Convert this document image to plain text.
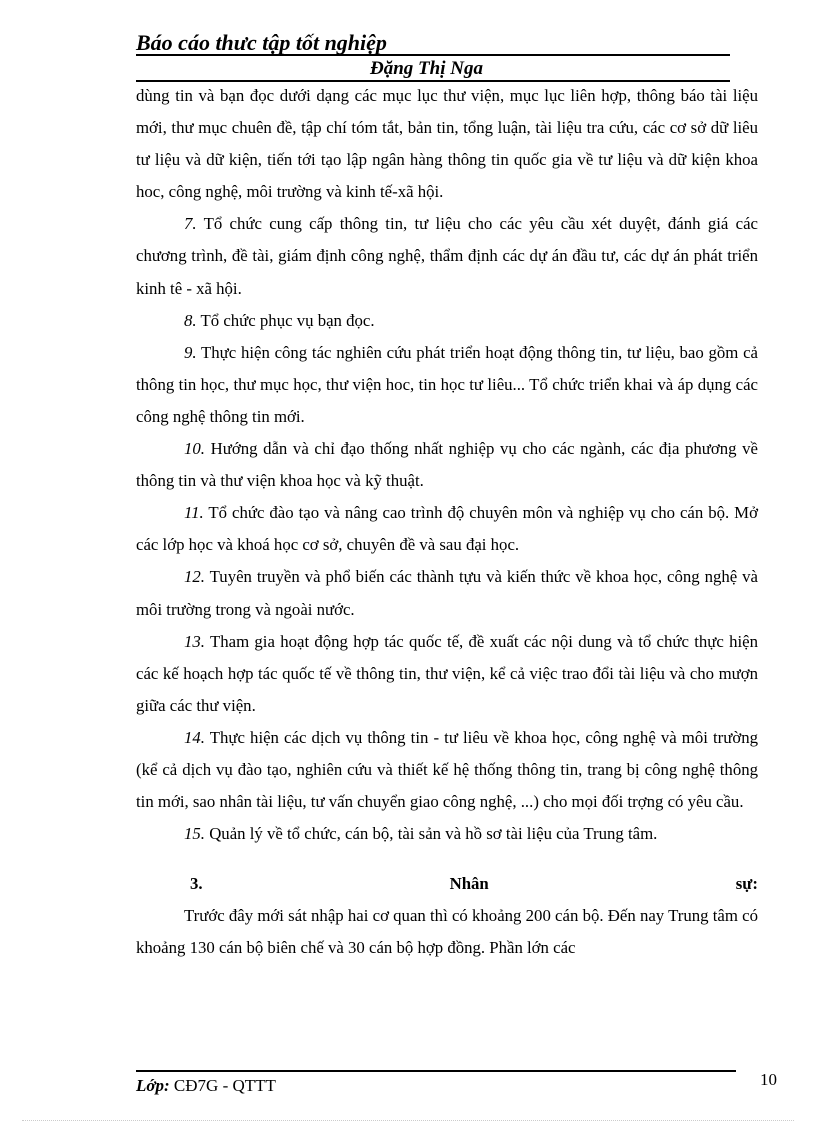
Báo cáo thưc tập tốt nghiệp
Đặng Thị Nga

dùng tin và bạn đọc dưới dạng các mục lục thư viện, mục lục liên hợp, thông báo tài liệu mới, thư mục chuên đề, tập chí tóm tắt, bản tin, tổng luận, tài liệu tra cứu, các cơ sở dữ liêu tư liệu và dữ kiện, tiến tới tạo lập ngân hàng thông tin quốc gia về tư liệu và dữ kiện khoa hoc, công nghệ, môi trường và kinh tế-xã hội.

7. Tổ chức cung cấp thông tin, tư liệu cho các yêu cầu xét duyệt, đánh giá các chương trình, đề tài, giám định công nghệ, thẩm định các dự án đầu tư, các dự án phát triển kinh tê - xã hội.

8. Tổ chức phục vụ bạn đọc.

9. Thực hiện công tác nghiên cứu phát triển hoạt động thông tin, tư liệu, bao gồm cả thông tin học, thư mục học, thư viện hoc, tin học tư liêu... Tổ chức triển khai và áp dụng các công nghệ thông tin mới.

10. Hướng dẫn và chỉ đạo thống nhất nghiệp vụ cho các ngành, các địa phương về thông tin và thư viện khoa học và kỹ thuật.

11. Tổ chức đào tạo và nâng cao trình độ chuyên môn và nghiệp vụ cho cán bộ. Mở các lớp học và khoá học cơ sở, chuyên đề và sau đại học.

12. Tuyên truyền và phổ biến các thành tựu và kiến thức về khoa học, công nghệ và môi trường trong và ngoài nước.

13. Tham gia hoạt động hợp tác quốc tế, đề xuất các nội dung và tổ chức thực hiện các kế hoạch hợp tác quốc tế về thông tin, thư viện, kể cả việc trao đổi tài liệu và cho mượn giữa các thư viện.

14. Thực hiện các dịch vụ thông tin - tư liêu về khoa học, công nghệ và môi trường (kể cả dịch vụ đào tạo, nghiên cứu và thiết kế hệ thống thông tin, trang bị công nghệ thông tin mới, sao nhân tài liệu, tư vấn chuyển giao công nghệ, ...) cho mọi đối trợng có yêu cầu.

15. Quản lý về tổ chức, cán bộ, tài sản và hồ sơ tài liệu của Trung tâm.

3.	Nhân	sự:

Trước đây mới sát nhập hai cơ quan thì có khoảng 200 cán bộ. Đến nay Trung tâm có khoảng 130 cán bộ biên chế và 30 cán bộ hợp đồng. Phần lớn các

Lớp: CĐ7G - QTTT	10
